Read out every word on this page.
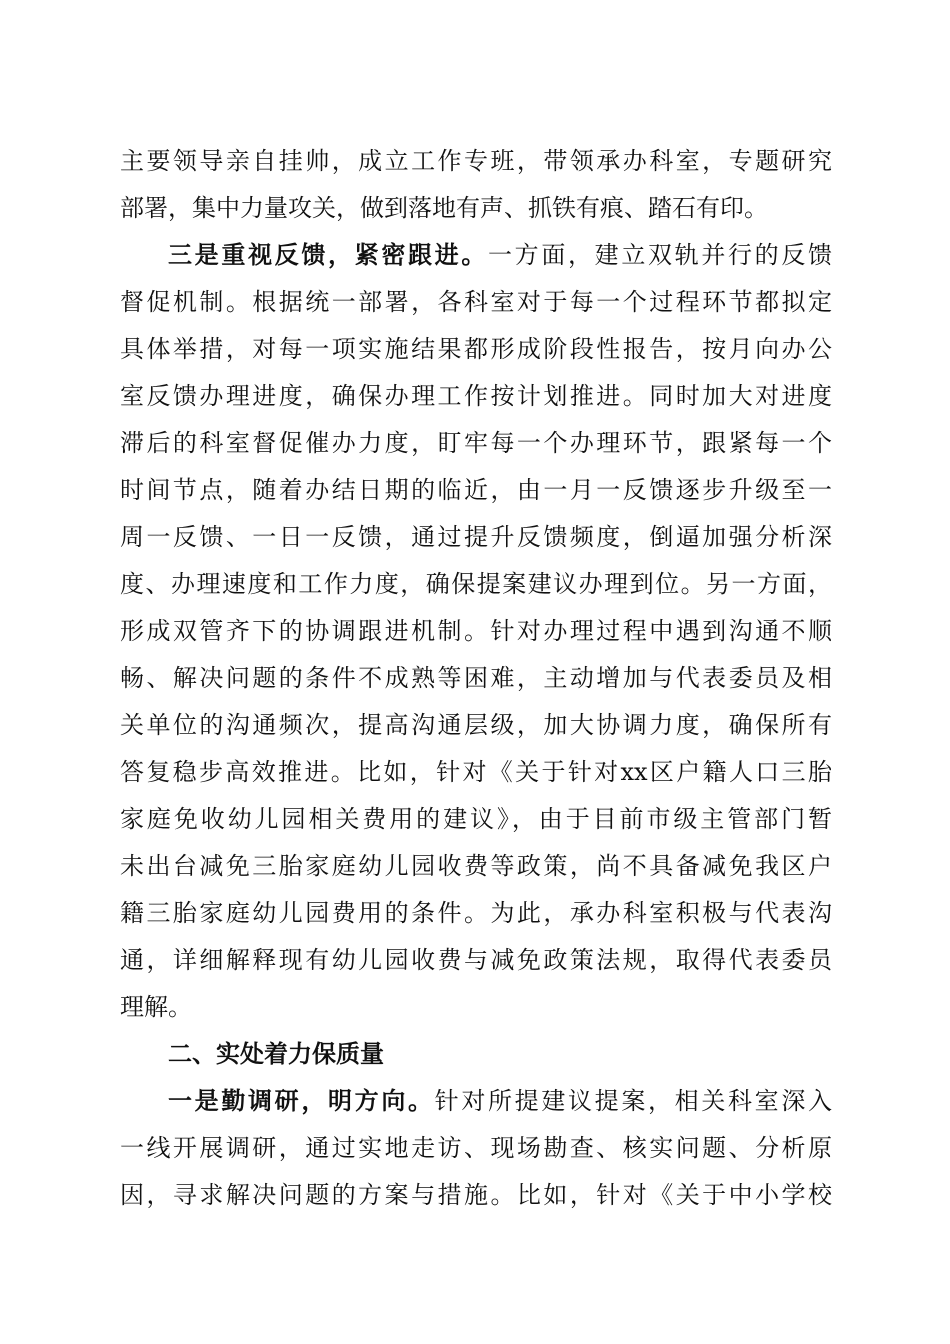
主要领导亲自挂帅，成立工作专班，带领承办科室，专题研究
部署，集中力量攻关，做到落地有声、抓铁有痕、踏石有印。
三是重视反馈，紧密跟进。一方面，建立双轨并行的反馈
督促机制。根据统一部署，各科室对于每一个过程环节都拟定
具体举措，对每一项实施结果都形成阶段性报告，按月向办公
室反馈办理进度，确保办理工作按计划推进。同时加大对进度
滞后的科室督促催办力度，盯牢每一个办理环节，跟紧每一个
时间节点，随着办结日期的临近，由一月一反馈逐步升级至一
周一反馈、一日一反馈，通过提升反馈频度，倒逼加强分析深
度、办理速度和工作力度，确保提案建议办理到位。另一方面，
形成双管齐下的协调跟进机制。针对办理过程中遇到沟通不顺
畅、解决问题的条件不成熟等困难，主动增加与代表委员及相
关单位的沟通频次，提高沟通层级，加大协调力度，确保所有
答复稳步高效推进。比如，针对《关于针对xx区户籍人口三胎
家庭免收幼儿园相关费用的建议》，由于目前市级主管部门暂
未出台减免三胎家庭幼儿园收费等政策，尚不具备减免我区户
籍三胎家庭幼儿园费用的条件。为此，承办科室积极与代表沟
通，详细解释现有幼儿园收费与减免政策法规，取得代表委员
理解。
二、实处着力保质量
一是勤调研，明方向。针对所提建议提案，相关科室深入
一线开展调研，通过实地走访、现场勘查、核实问题、分析原
因，寻求解决问题的方案与措施。比如，针对《关于中小学校
